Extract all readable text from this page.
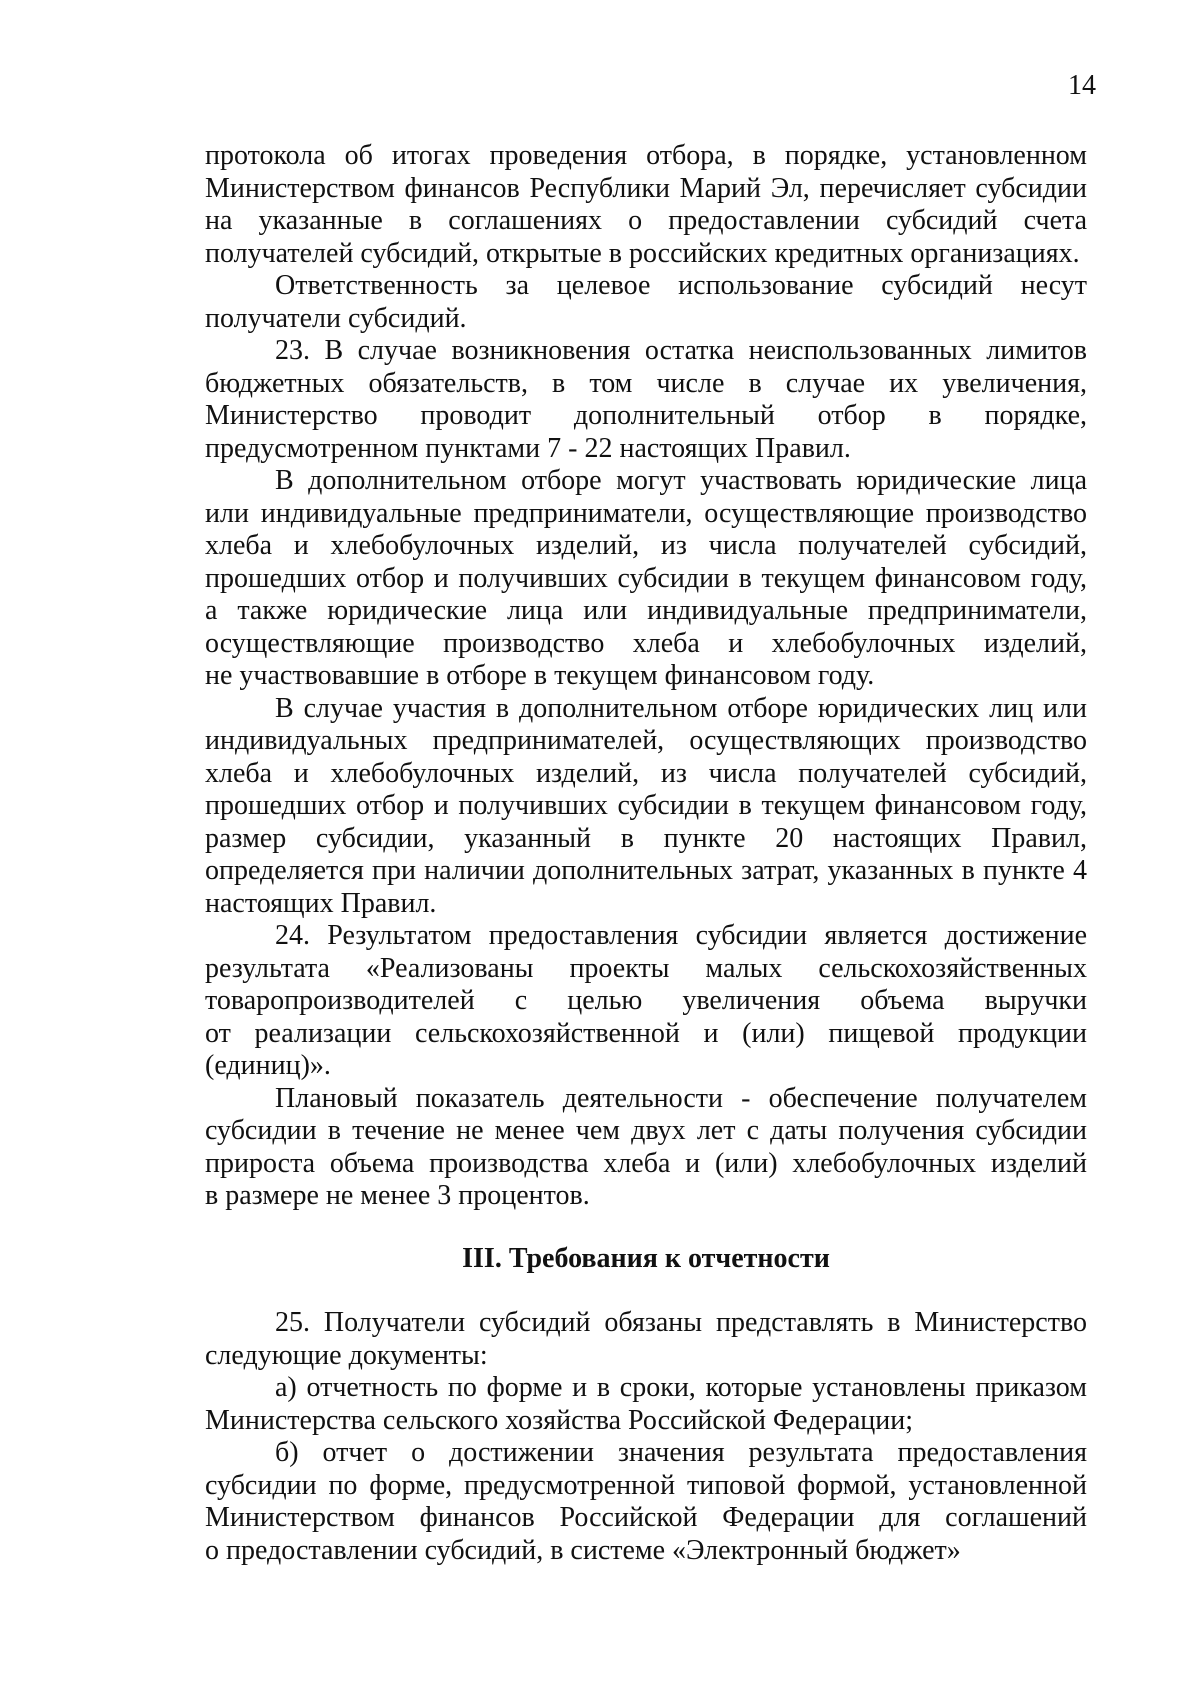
14
протокола об итогах проведения отбора, в порядке, установленном
Министерством финансов Республики Марий Эл, перечисляет субсидии
на указанные в соглашениях о предоставлении субсидий счета
получателей субсидий, открытые в российских кредитных организациях.
Ответственность за целевое использование субсидий несут
получатели субсидий.
23. В случае возникновения остатка неиспользованных лимитов
бюджетных обязательств, в том числе в случае их увеличения,
Министерство проводит дополнительный отбор в порядке,
предусмотренном пунктами 7 - 22 настоящих Правил.
В дополнительном отборе могут участвовать юридические лица
или индивидуальные предприниматели, осуществляющие производство
хлеба и хлебобулочных изделий, из числа получателей субсидий,
прошедших отбор и получивших субсидии в текущем финансовом году,
а также юридические лица или индивидуальные предприниматели,
осуществляющие производство хлеба и хлебобулочных изделий,
не участвовавшие в отборе в текущем финансовом году.
В случае участия в дополнительном отборе юридических лиц или
индивидуальных предпринимателей, осуществляющих производство
хлеба и хлебобулочных изделий, из числа получателей субсидий,
прошедших отбор и получивших субсидии в текущем финансовом году,
размер субсидии, указанный в пункте 20 настоящих Правил,
определяется при наличии дополнительных затрат, указанных в пункте 4
настоящих Правил.
24. Результатом предоставления субсидии является достижение
результата «Реализованы проекты малых сельскохозяйственных
товаропроизводителей с целью увеличения объема выручки
от реализации сельскохозяйственной и (или) пищевой продукции
(единиц)».
Плановый показатель деятельности - обеспечение получателем
субсидии в течение не менее чем двух лет с даты получения субсидии
прироста объема производства хлеба и (или) хлебобулочных изделий
в размере не менее 3 процентов.
III. Требования к отчетности
25. Получатели субсидий обязаны представлять в Министерство
следующие документы:
а) отчетность по форме и в сроки, которые установлены приказом
Министерства сельского хозяйства Российской Федерации;
б) отчет о достижении значения результата предоставления
субсидии по форме, предусмотренной типовой формой, установленной
Министерством финансов Российской Федерации для соглашений
о предоставлении субсидий, в системе «Электронный бюджет»
